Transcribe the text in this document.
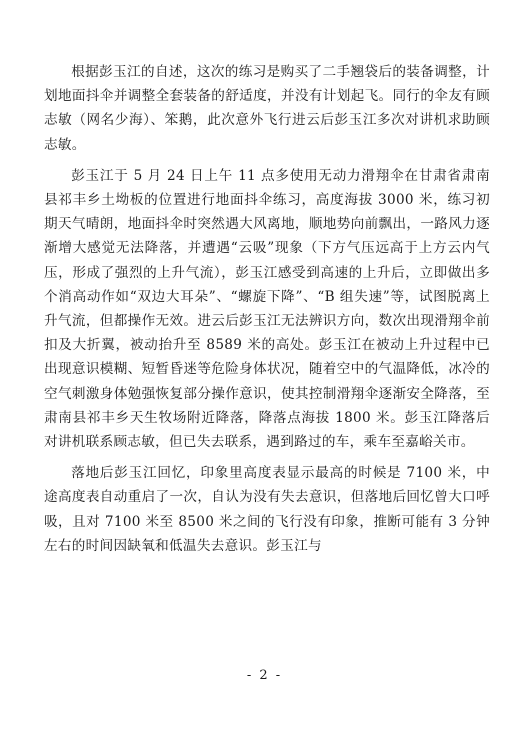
根据彭玉江的自述，这次的练习是购买了二手翘袋后的装备调整，计划地面抖伞并调整全套装备的舒适度，并没有计划起飞。同行的伞友有顾志敏（网名少海）、笨鹅，此次意外飞行进云后彭玉江多次对讲机求助顾志敏。

彭玉江于 5 月 24 日上午 11 点多使用无动力滑翔伞在甘肃省肃南县祁丰乡土坳板的位置进行地面抖伞练习，高度海拔 3000 米，练习初期天气晴朗，地面抖伞时突然遇大风离地，顺地势向前飘出，一路风力逐渐增大感觉无法降落，并遭遇“云吸”现象（下方气压远高于上方云内气压，形成了强烈的上升气流），彭玉江感受到高速的上升后，立即做出多个消高动作如“双边大耳朵”、“螺旋下降”、“B 组失速”等，试图脱离上升气流，但都操作无效。进云后彭玉江无法辨识方向，数次出现滑翔伞前扣及大折翼，被动抬升至 8589 米的高处。彭玉江在被动上升过程中已出现意识模糊、短暂昏迷等危险身体状况，随着空中的气温降低，冰冷的空气刺激身体勉强恢复部分操作意识，使其控制滑翔伞逐渐安全降落，至肃南县祁丰乡天生牧场附近降落，降落点海拔 1800 米。彭玉江降落后对讲机联系顾志敏，但已失去联系，遇到路过的车，乘车至嘉峪关市。

落地后彭玉江回忆，印象里高度表显示最高的时候是 7100 米，中途高度表自动重启了一次，自认为没有失去意识，但落地后回忆曾大口呼吸，且对 7100 米至 8500 米之间的飞行没有印象，推断可能有 3 分钟左右的时间因缺氧和低温失去意识。彭玉江与

- 2 -
